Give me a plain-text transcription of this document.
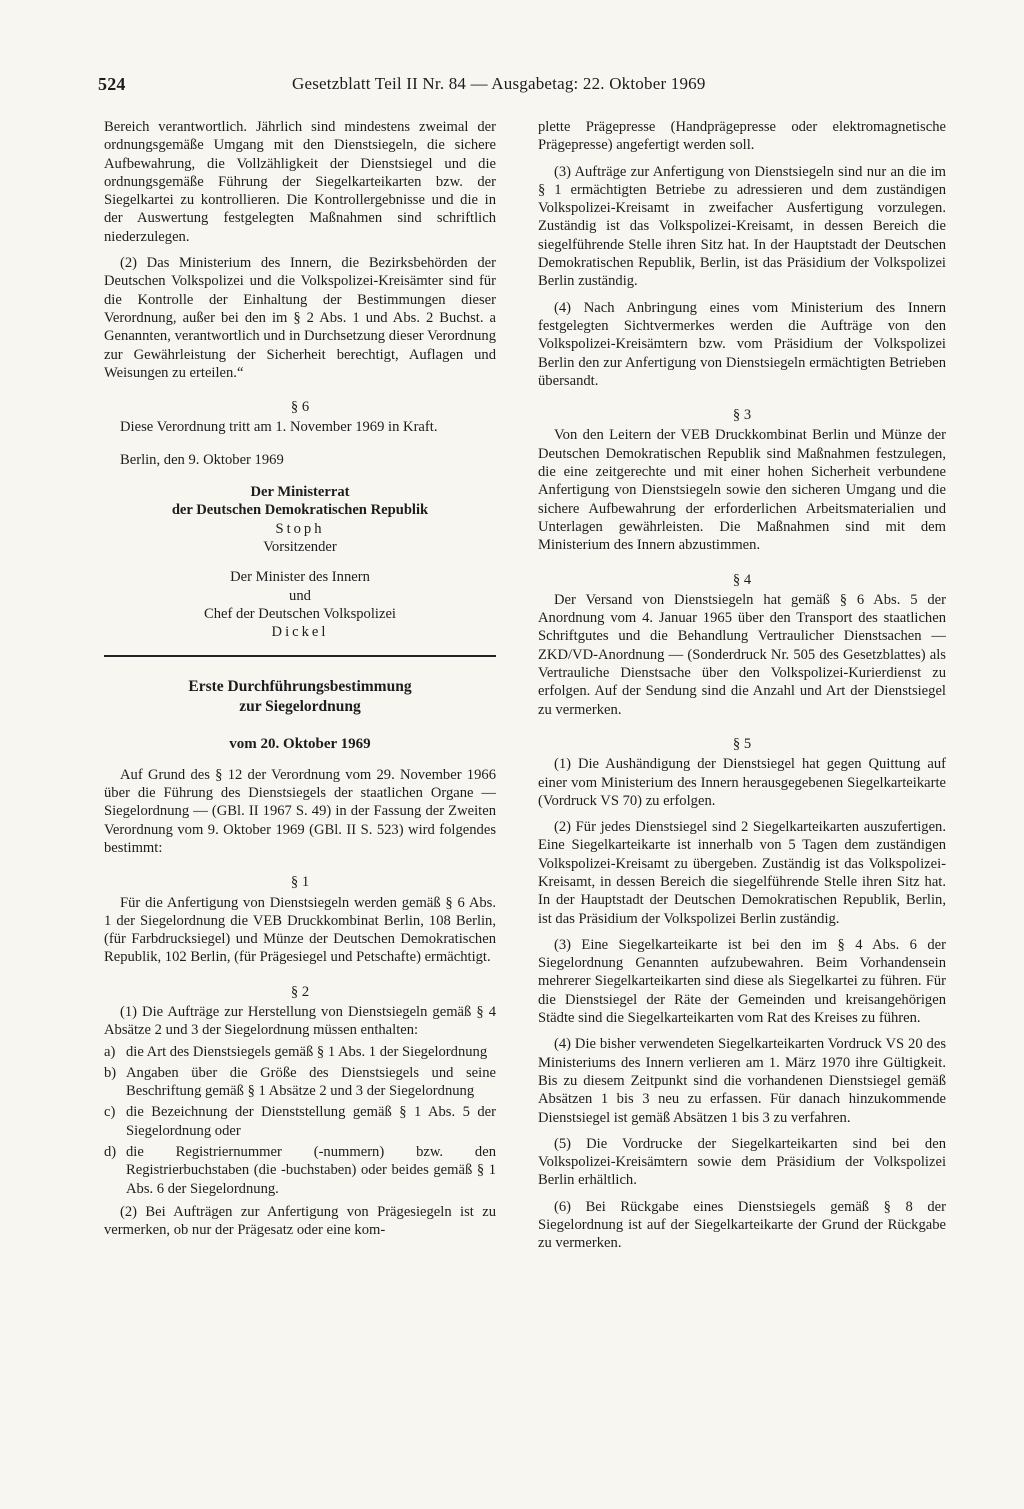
524	Gesetzblatt Teil II Nr. 84 — Ausgabetag: 22. Oktober 1969

Bereich verantwortlich. Jährlich sind mindestens zweimal der ordnungsgemäße Umgang mit den Dienstsiegeln, die sichere Aufbewahrung, die Vollzähligkeit der Dienstsiegel und die ordnungsgemäße Führung der Siegelkarteikarten bzw. der Siegelkartei zu kontrollieren. Die Kontrollergebnisse und die in der Auswertung festgelegten Maßnahmen sind schriftlich niederzulegen.

(2) Das Ministerium des Innern, die Bezirksbehörden der Deutschen Volkspolizei und die Volkspolizei-Kreisämter sind für die Kontrolle der Einhaltung der Bestimmungen dieser Verordnung, außer bei den im § 2 Abs. 1 und Abs. 2 Buchst. a Genannten, verantwortlich und in Durchsetzung dieser Verordnung zur Gewährleistung der Sicherheit berechtigt, Auflagen und Weisungen zu erteilen.“

§ 6

Diese Verordnung tritt am 1. November 1969 in Kraft.

Berlin, den 9. Oktober 1969

Der Ministerrat

der Deutschen Demokratischen Republik

Stoph

Vorsitzender

Der Minister des Innern

und

Chef der Deutschen Volkspolizei

Dickel

Erste Durchführungsbestimmung

zur Siegelordnung

vom 20. Oktober 1969

Auf Grund des § 12 der Verordnung vom 29. November 1966 über die Führung des Dienstsiegels der staatlichen Organe — Siegelordnung — (GBl. II 1967 S. 49) in der Fassung der Zweiten Verordnung vom 9. Oktober 1969 (GBl. II S. 523) wird folgendes bestimmt:

§ 1

Für die Anfertigung von Dienstsiegeln werden gemäß § 6 Abs. 1 der Siegelordnung die VEB Druckkombinat Berlin, 108 Berlin, (für Farbdrucksiegel) und Münze der Deutschen Demokratischen Republik, 102 Berlin, (für Prägesiegel und Petschafte) ermächtigt.

§ 2

(1) Die Aufträge zur Herstellung von Dienstsiegeln gemäß § 4 Absätze 2 und 3 der Siegelordnung müssen enthalten:

a) die Art des Dienstsiegels gemäß § 1 Abs. 1 der Siegelordnung
b) Angaben über die Größe des Dienstsiegels und seine Beschriftung gemäß § 1 Absätze 2 und 3 der Siegelordnung
c) die Bezeichnung der Dienststellung gemäß § 1 Abs. 5 der Siegelordnung oder
d) die Registriernummer (-nummern) bzw. den Registrierbuchstaben (die -buchstaben) oder beides gemäß § 1 Abs. 6 der Siegelordnung.

(2) Bei Aufträgen zur Anfertigung von Prägesiegeln ist zu vermerken, ob nur der Prägesatz oder eine kom-

plette Prägepresse (Handprägepresse oder elektromagnetische Prägepresse) angefertigt werden soll.

(3) Aufträge zur Anfertigung von Dienstsiegeln sind nur an die im § 1 ermächtigten Betriebe zu adressieren und dem zuständigen Volkspolizei-Kreisamt in zweifacher Ausfertigung vorzulegen. Zuständig ist das Volkspolizei-Kreisamt, in dessen Bereich die siegelführende Stelle ihren Sitz hat. In der Hauptstadt der Deutschen Demokratischen Republik, Berlin, ist das Präsidium der Volkspolizei Berlin zuständig.

(4) Nach Anbringung eines vom Ministerium des Innern festgelegten Sichtvermerkes werden die Aufträge von den Volkspolizei-Kreisämtern bzw. vom Präsidium der Volkspolizei Berlin den zur Anfertigung von Dienstsiegeln ermächtigten Betrieben übersandt.

§ 3

Von den Leitern der VEB Druckkombinat Berlin und Münze der Deutschen Demokratischen Republik sind Maßnahmen festzulegen, die eine zeitgerechte und mit einer hohen Sicherheit verbundene Anfertigung von Dienstsiegeln sowie den sicheren Umgang und die sichere Aufbewahrung der erforderlichen Arbeitsmaterialien und Unterlagen gewährleisten. Die Maßnahmen sind mit dem Ministerium des Innern abzustimmen.

§ 4

Der Versand von Dienstsiegeln hat gemäß § 6 Abs. 5 der Anordnung vom 4. Januar 1965 über den Transport des staatlichen Schriftgutes und die Behandlung Vertraulicher Dienstsachen — ZKD/VD-Anordnung — (Sonderdruck Nr. 505 des Gesetzblattes) als Vertrauliche Dienstsache über den Volkspolizei-Kurierdienst zu erfolgen. Auf der Sendung sind die Anzahl und Art der Dienstsiegel zu vermerken.

§ 5

(1) Die Aushändigung der Dienstsiegel hat gegen Quittung auf einer vom Ministerium des Innern herausgegebenen Siegelkarteikarte (Vordruck VS 70) zu erfolgen.

(2) Für jedes Dienstsiegel sind 2 Siegelkarteikarten auszufertigen. Eine Siegelkarteikarte ist innerhalb von 5 Tagen dem zuständigen Volkspolizei-Kreisamt zu übergeben. Zuständig ist das Volkspolizei-Kreisamt, in dessen Bereich die siegelführende Stelle ihren Sitz hat. In der Hauptstadt der Deutschen Demokratischen Republik, Berlin, ist das Präsidium der Volkspolizei Berlin zuständig.

(3) Eine Siegelkarteikarte ist bei den im § 4 Abs. 6 der Siegelordnung Genannten aufzubewahren. Beim Vorhandensein mehrerer Siegelkarteikarten sind diese als Siegelkartei zu führen. Für die Dienstsiegel der Räte der Gemeinden und kreisangehörigen Städte sind die Siegelkarteikarten vom Rat des Kreises zu führen.

(4) Die bisher verwendeten Siegelkarteikarten Vordruck VS 20 des Ministeriums des Innern verlieren am 1. März 1970 ihre Gültigkeit. Bis zu diesem Zeitpunkt sind die vorhandenen Dienstsiegel gemäß Absätzen 1 bis 3 neu zu erfassen. Für danach hinzukommende Dienstsiegel ist gemäß Absätzen 1 bis 3 zu verfahren.

(5) Die Vordrucke der Siegelkarteikarten sind bei den Volkspolizei-Kreisämtern sowie dem Präsidium der Volkspolizei Berlin erhältlich.

(6) Bei Rückgabe eines Dienstsiegels gemäß § 8 der Siegelordnung ist auf der Siegelkarteikarte der Grund der Rückgabe zu vermerken.
